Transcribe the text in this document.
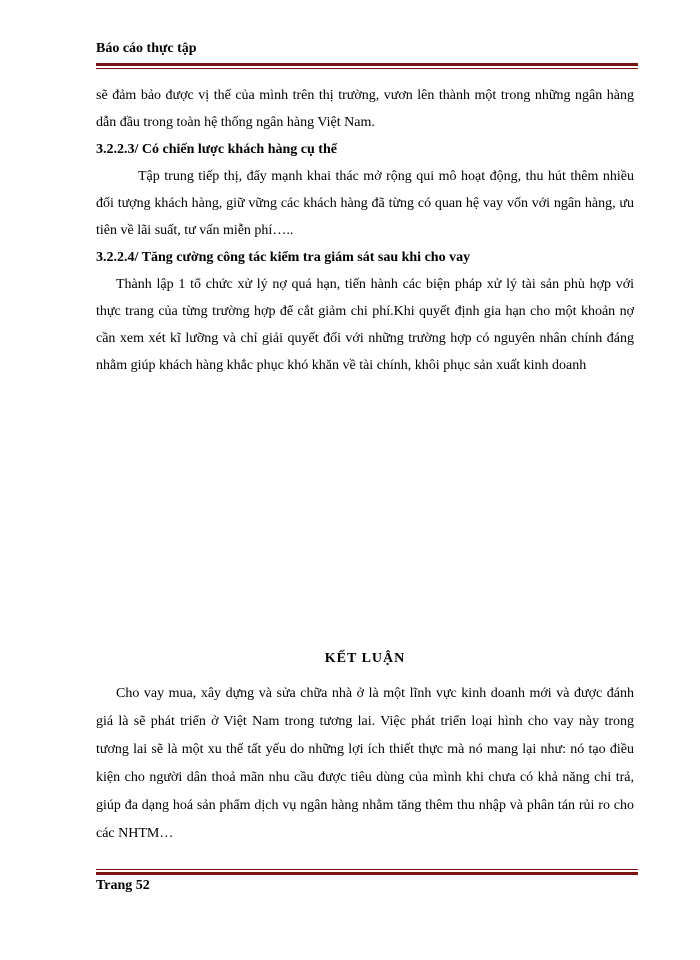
Báo cáo thực tập

sẽ đảm bảo được vị thế của mình trên thị trường, vươn lên thành một trong những ngân hàng dẫn đầu trong toàn hệ thống ngân hàng Việt Nam.

3.2.2.3/ Có chiến lược khách hàng cụ thể

Tập trung tiếp thị, đẩy mạnh khai thác mở rộng qui mô hoạt động, thu hút thêm nhiều đối tượng khách hàng, giữ vững các khách hàng đã từng có quan hệ vay vốn với ngân hàng, ưu tiên về lãi suất, tư vấn miễn phí…..

3.2.2.4/ Tăng cường công tác kiểm tra giám sát sau khi cho vay

Thành lập 1 tổ chức xử lý nợ quá hạn, tiến hành các biện pháp xử lý tài sản phù hợp với thực trang của từng trường hợp để cắt giảm chi phí.Khi quyết định gia hạn cho một khoản nợ cần xem xét kĩ lưỡng và chỉ giải quyết đối với những trường hợp có nguyên nhân chính đáng nhằm giúp khách hàng khắc phục khó khăn về tài chính, khôi phục sản xuất kinh doanh

KẾT LUẬN

Cho vay mua, xây dựng và sửa chữa nhà ở là một lĩnh vực kinh doanh mới và được đánh giá là sẽ phát triển ở Việt Nam trong tương lai. Việc phát triển loại hình cho vay này trong tương lai sẽ là một xu thế tất yếu do những lợi ích thiết thực mà nó mang lại như: nó tạo điều kiện cho người dân thoả mãn nhu cầu được tiêu dùng của mình khi chưa có khả năng chi trả, giúp đa dạng hoá sản phẩm dịch vụ ngân hàng nhằm tăng thêm thu nhập và phân tán rủi ro cho các NHTM…

Trang 52
